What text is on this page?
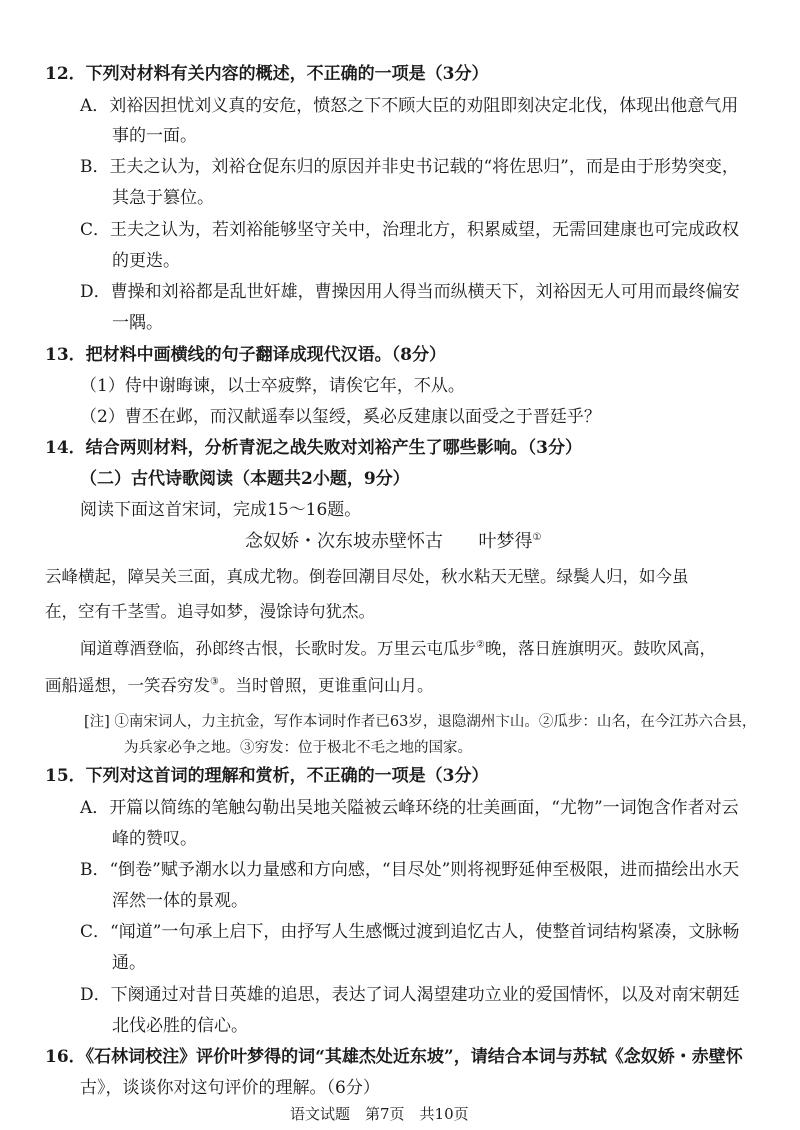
12．下列对材料有关内容的概述，不正确的一项是（3分）
A．刘裕因担忧刘义真的安危，愤怒之下不顾大臣的劝阻即刻决定北伐，体现出他意气用
事的一面。
B．王夫之认为，刘裕仓促东归的原因并非史书记载的“将佐思归”，而是由于形势突变，
其急于篡位。
C．王夫之认为，若刘裕能够坚守关中，治理北方，积累威望，无需回建康也可完成政权
的更迭。
D．曹操和刘裕都是乱世奸雄，曹操因用人得当而纵横天下，刘裕因无人可用而最终偏安
一隅。
13．把材料中画横线的句子翻译成现代汉语。（8分）
（1）侍中谢晦谏，以士卒疲弊，请俟它年，不从。
（2）曹丕在邺，而汉献遥奉以玺绶，奚必反建康以面受之于晋廷乎？
14．结合两则材料，分析青泥之战失败对刘裕产生了哪些影响。（3分）
（二）古代诗歌阅读（本题共2小题，9分）
阅读下面这首宋词，完成15～16题。
念奴娇・次东坡赤壁怀古 叶梦得①
云峰横起，障吴关三面，真成尤物。倒卷回潮目尽处，秋水粘天无壁。绿鬓人归，如今虽
在，空有千茎雪。追寻如梦，漫馀诗句犹杰。
闻道尊酒登临，孙郎终古恨，长歌时发。万里云屯瓜步②晚，落日旌旗明灭。鼓吹风高，
画船遥想，一笑吞穷发③。当时曾照，更谁重问山月。
[注] ①南宋词人，力主抗金，写作本词时作者已63岁，退隐湖州卞山。②瓜步：山名，在今江苏六合县，
为兵家必争之地。③穷发：位于极北不毛之地的国家。
15．下列对这首词的理解和赏析，不正确的一项是（3分）
A．开篇以简练的笔触勾勒出吴地关隘被云峰环绕的壮美画面，“尤物”一词饱含作者对云
峰的赞叹。
B．“倒卷”赋予潮水以力量感和方向感，“目尽处”则将视野延伸至极限，进而描绘出水天
浑然一体的景观。
C．“闻道”一句承上启下，由抒写人生感慨过渡到追忆古人，使整首词结构紧凑，文脉畅
通。
D．下阕通过对昔日英雄的追思，表达了词人渴望建功立业的爱国情怀，以及对南宋朝廷
北伐必胜的信心。
16．《石林词校注》评价叶梦得的词“其雄杰处近东坡”，请结合本词与苏轼《念奴娇・赤壁怀
古》，谈谈你对这句评价的理解。（6分）
语文试题　第7页　共10页
